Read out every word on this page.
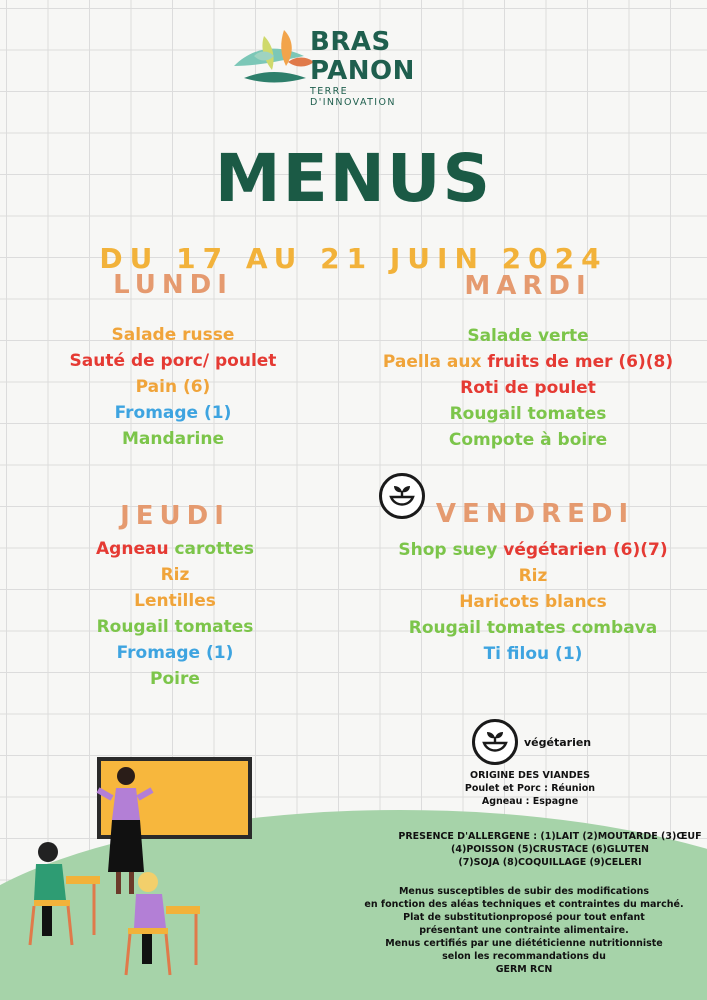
BRAS
PANON
TERRE D'INNOVATION
MENUS
DU 17 AU 21 JUIN 2024
LUNDI
Salade russe
Sauté de porc/ poulet
Pain (6)
Fromage (1)
Mandarine
MARDI
Salade verte
Paella aux fruits de mer (6)(8)
Roti de poulet
Rougail tomates
Compote à boire
JEUDI
Agneau carottes
Riz
Lentilles
Rougail tomates
Fromage (1)
Poire
VENDREDI
Shop suey végétarien (6)(7)
Riz
Haricots blancs
Rougail tomates combava
Ti filou (1)
végétarien
ORIGINE DES VIANDES
Poulet et Porc : Réunion
Agneau : Espagne
PRESENCE D'ALLERGENE : (1)LAIT (2)MOUTARDE (3)ŒUF
(4)POISSON (5)CRUSTACE (6)GLUTEN
(7)SOJA (8)COQUILLAGE (9)CELERI
Menus susceptibles de subir des modifications
en fonction des aléas techniques et contraintes du marché.
Plat de substitutionproposé pour tout enfant
présentant une contrainte alimentaire.
Menus certifiés par une diététicienne nutritionniste
selon les recommandations du
GERM RCN
